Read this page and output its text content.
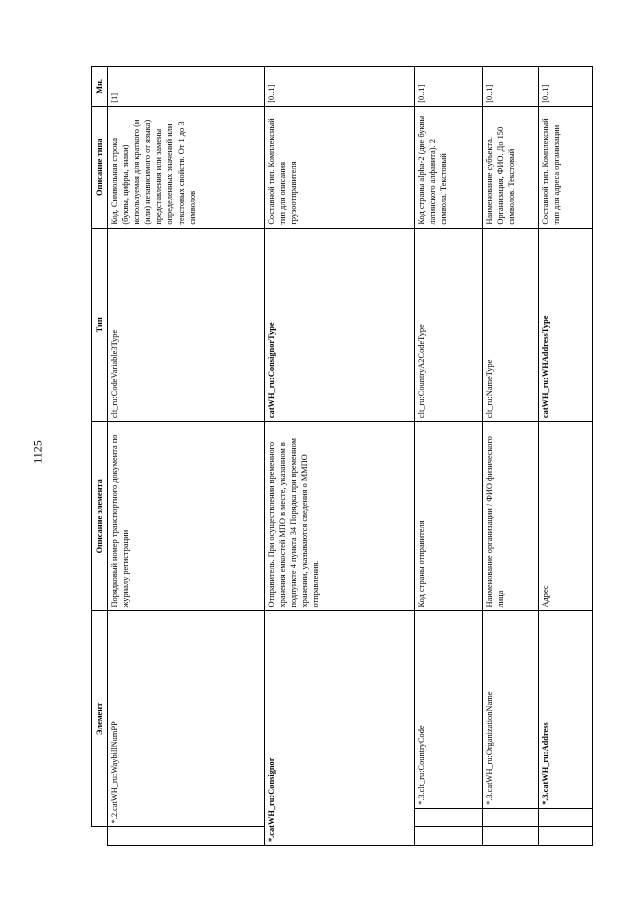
1125
	Элемент		Описание элемента	Тип	Описание типа	Мн.
	*.2.catWH_ru:WaybillNumPP		Порядковый номер транспортного документа по журналу регистрации	clt_ru:CodeVariable3Type	Код. Символьная строка (буквы, цифры, знаки) используемая для краткого (и (или) независимого от языка) представления или замены определенных значений или текстовых свойств. От 1 до 3 символов	[1]
*.catWH_ru:Consignor			Отправитель. При осуществлении временного хранения емкостей МПО в месте, указанном в подпункте 4 пункта 34 Порядка при временном хранении, указываются сведения о ММПО отправления.	catWH_ru:ConsignorType	Составной тип. Комплексный тип для описания грузоотправителя	[0..1]
		*.3.clt_ru:CountryCode	Код страны отправителя	clt_ru:CountryA2CodeType	Код страны alpha-2 (две буквы латинского алфавита). 2 символа. Текстовый	[0..1]
		*.3.catWH_ru:OrganizationName	Наименование организации / ФИО физического лица	clt_ru:NameType	Наименование субъекта. Организация, ФИО. До 150 символов. Текстовый	[0..1]
		*.3.catWH_ru:Address	Адрес	catWH_ru:WHAddressType	Составной тип. Комплексный тип для адреса организации	[0..1]
